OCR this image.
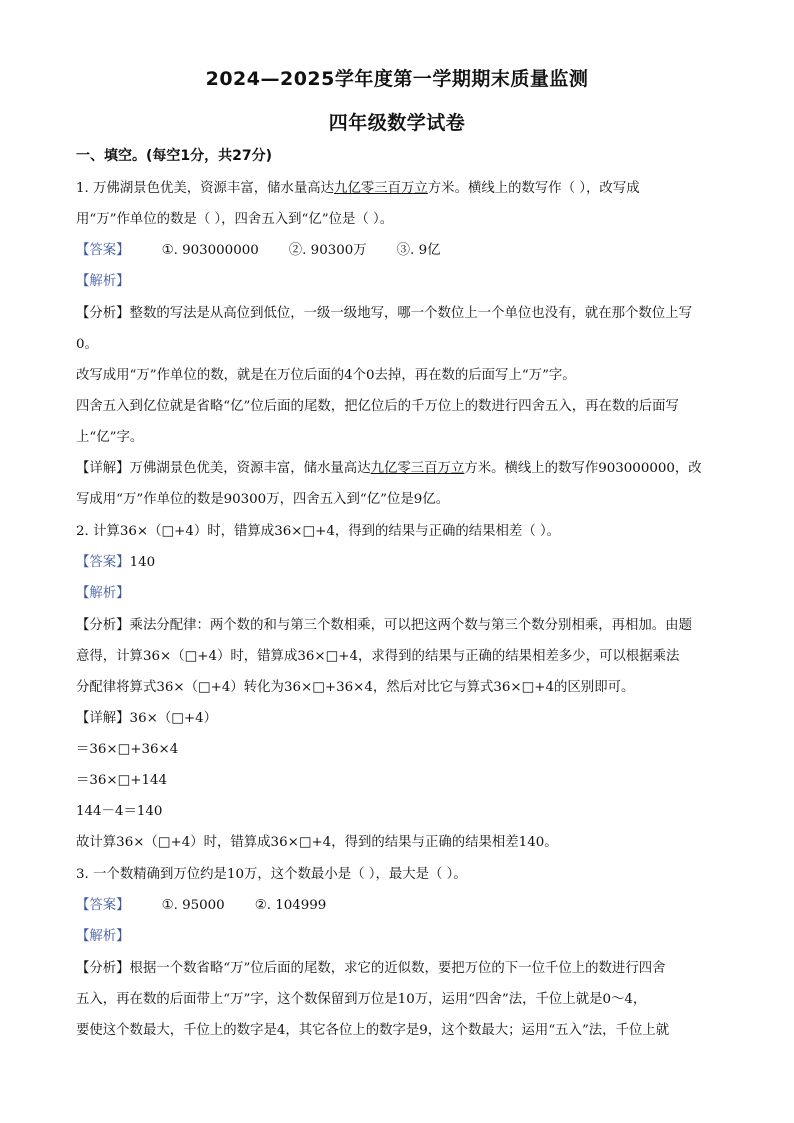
2024—2025学年度第一学期期末质量监测
四年级数学试卷
一、填空。(每空1分，共27分)
1. 万佛湖景色优美，资源丰富，储水量高达九亿零三百万立方米。横线上的数写作（ ），改写成
用“万”作单位的数是（ ），四舍五入到“亿”位是（ ）。
【答案】 ①. 903000000 ②. 90300万 ③. 9亿
【解析】
【分析】整数的写法是从高位到低位，一级一级地写，哪一个数位上一个单位也没有，就在那个数位上写
0。
改写成用“万”作单位的数，就是在万位后面的4个0去掉，再在数的后面写上“万”字。
四舍五入到亿位就是省略“亿”位后面的尾数，把亿位后的千万位上的数进行四舍五入，再在数的后面写
上“亿”字。
【详解】万佛湖景色优美，资源丰富，储水量高达九亿零三百万立方米。横线上的数写作903000000，改
写成用“万”作单位的数是90300万，四舍五入到“亿”位是9亿。
2. 计算36×（□+4）时，错算成36×□+4，得到的结果与正确的结果相差（ ）。
【答案】140
【解析】
【分析】乘法分配律：两个数的和与第三个数相乘，可以把这两个数与第三个数分别相乘，再相加。由题
意得，计算36×（□+4）时，错算成36×□+4，求得到的结果与正确的结果相差多少，可以根据乘法
分配律将算式36×（□+4）转化为36×□+36×4，然后对比它与算式36×□+4的区别即可。
【详解】36×（□+4）
＝36×□+36×4
＝36×□+144
144－4＝140
故计算36×（□+4）时，错算成36×□+4，得到的结果与正确的结果相差140。
3. 一个数精确到万位约是10万，这个数最小是（ ），最大是（ ）。
【答案】 ①. 95000 ②. 104999
【解析】
【分析】根据一个数省略“万”位后面的尾数，求它的近似数，要把万位的下一位千位上的数进行四舍
五入，再在数的后面带上“万”字，这个数保留到万位是10万，运用“四舍”法，千位上就是0～4，
要使这个数最大，千位上的数字是4，其它各位上的数字是9，这个数最大；运用“五入”法，千位上就
